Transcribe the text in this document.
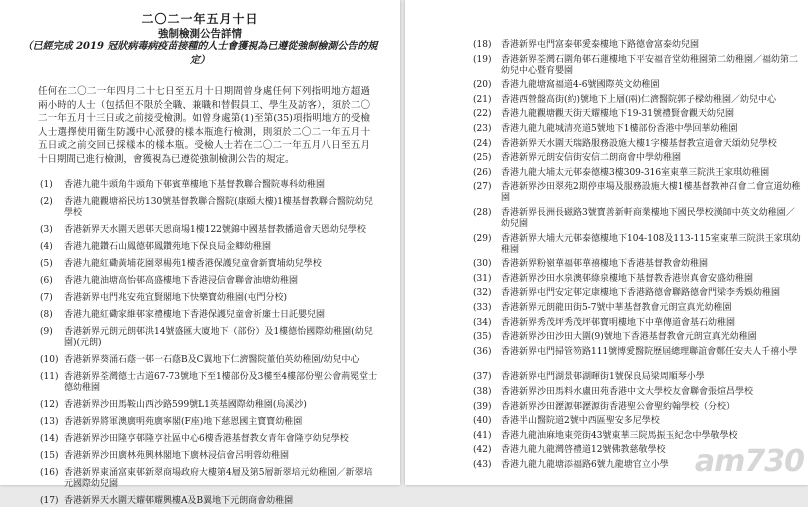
二〇二一年五月十日
強制檢測公告詳情
（已經完成 2019 冠狀病毒病疫苗接種的人士會獲視為已遵從強制檢測公告的規定）
任何在二〇二一年四月二十七日至五月十日期間曾身處任何下列指明地方超過兩小時的人士（包括但不限於全職、兼職和替假員工、學生及訪客），須於二〇二一年五月十三日或之前接受檢測。如曾身處第(1)至第(35)項指明地方的受檢人士選擇使用衞生防護中心派發的樣本瓶進行檢測，則須於二〇二一年五月十五日或之前交回已採樣本的樣本瓶。受檢人士若在二〇二一年五月八日至五月十日期間已進行檢測，會獲視為已遵從強制檢測公告的規定。
(1)	香港九龍牛頭角牛頭角下邨賓華樓地下基督教聯合醫院專科幼稚園
(2)	香港九龍觀塘裕民坊130號基督教聯合醫院(康頤大樓)1樓基督教聯合醫院幼兒學校
(3)	香港新界天水圍天恩邨天恩商場1樓122號錦中國基督教播道會天恩幼兒學校
(4)	香港九龍鑽石山鳳德邨鳳鑽苑地下保良局金卿幼稚園
(5)	香港九龍紅磡黃埔花園翠楊苑1樓香港保護兒童會新寶埔幼兒學校
(6)	香港九龍油塘高怡邨高盛樓地下香港浸信會聯會油塘幼稚園
(7)	香港新界屯門兆安苑宜賢閣地下快樂寶幼稚園(屯門分校)
(8)	香港九龍紅磡家維邨家禮樓地下香港保護兒童會祈廉士日託嬰兒園
(9)	香港新界元朗元朗邨洪14號盛匯大廈地下（部份）及1樓德怡國際幼稚園(幼兒園)(元朗)
(10) 香港新界葵涌石蔭一邨一石蔭B及C翼地下仁濟醫院董伯英幼稚園/幼兒中心
(11) 香港新界荃灣德士古道67-73號地下至1樓部份及3樓至4樓部份聖公會荊冕堂士德幼稚園
(12) 香港新界沙田馬鞍山西沙路599號L1英基國際幼稚園(烏溪沙)
(13) 香港新界將軍澳廣明苑廣寧閣(F座)地下慈恩國主寶寶幼稚園
(14) 香港新界沙田隆亨邨隆亨社區中心6樓香港基督教女青年會隆亨幼兒學校
(15) 香港新界沙田廣林苑興林閣地下廣林浸信會呂明蓉幼稚園
(16) 香港新界東涌富東邨新翠商場政府大樓第4層及第5層新翠培元幼稚園／新翠培元國際幼兒園
(17) 香港新界天水圍天耀邨耀興樓A及B翼地下元朗商會幼稚園
(18)	香港新界屯門富泰邨愛泰樓地下路德會富泰幼兒園
(19)	香港新界荃灣石圍角邨石蓮樓地下平安福音堂幼稚園第二幼稚園／福幼第二幼兒中心暨育嬰園
(20)	香港九龍塘窩福道4-6號國際英文幼稚園
(21)	香港西營盤高街(約)號地下上層(兩)仁濟醫院郭子樑幼稚園／幼兒中心
(22)	香港九龍觀塘觀天街天耀樓地下19-31號禮賢會觀天幼兒園
(23)	香港九龍九龍城清亮道5號地下1樓部份香港中學回華幼稚園
(24)	香港新界天水圍天瑞路服務設施大樓1字樓基督教宣道會天頌幼兒學校
(25)	香港新界元朗安信街安信二朗商會中學幼稚園
(26)	香港九龍大埔太元邨泰德樓3樓309-316室東華三院洪王家琪幼稚園
(27)	香港新界沙田翠苑2期停車場及服務設施大樓1樓基督教神召會二會宣道幼稚園
(28)	香港新界長洲長磁路3號寶善新軒商業樓地下國民學校漢師中英文幼稚園／幼兒園
(29)	香港新界大埔大元邨泰德樓地下104-108及113-115室東華三院洪王家琪幼稚園
(30)	香港新界粉嶺華福邨華禧樓地下香港基督教會幼稚園
(31)	香港新界沙田水泉澳邨綠泉樓地下基督教香港崇真會安盛幼稚園
(32)	香港新界屯門安定邨定康樓地下香港路德會聯路德會門梁李秀娛幼稚園
(33)	香港新界元朗龍田街5-7號中華基督教會元朗宣真光幼稚園
(34)	香港新界秀茂坪秀茂坪邨寶明樓地下中華傳道會基石幼稚園
(35)	香港新界沙田沙田大圍(9)號地下香港基督教會元朗宣真光幼稚園
(36)	香港新界屯門掃管笏路111號博愛醫院歷屆總理聯誼會鄭任安夫人千禧小學
(37)	香港新界屯門湖景邨湖暉街1號保良局梁周順琴小學
(38)	香港新界沙田馬料水盧田苑香港中文大學校友會聯會張煊昌學校
(39)	香港新界沙田瀝源邨瀝源街香港聖公會聖約翰學校（分校）
(40)	香港半山醫院道2號中西區聖安多尼學校
(41)	香港九龍油麻地東莞街43號東華三院馬振玉紀念中學敬學校
(42)	香港九龍九龍灣啓禮道12號佛教慈敬學校
(43)	香港九龍九龍塘添福路6號九龍塘官立小學 am730
